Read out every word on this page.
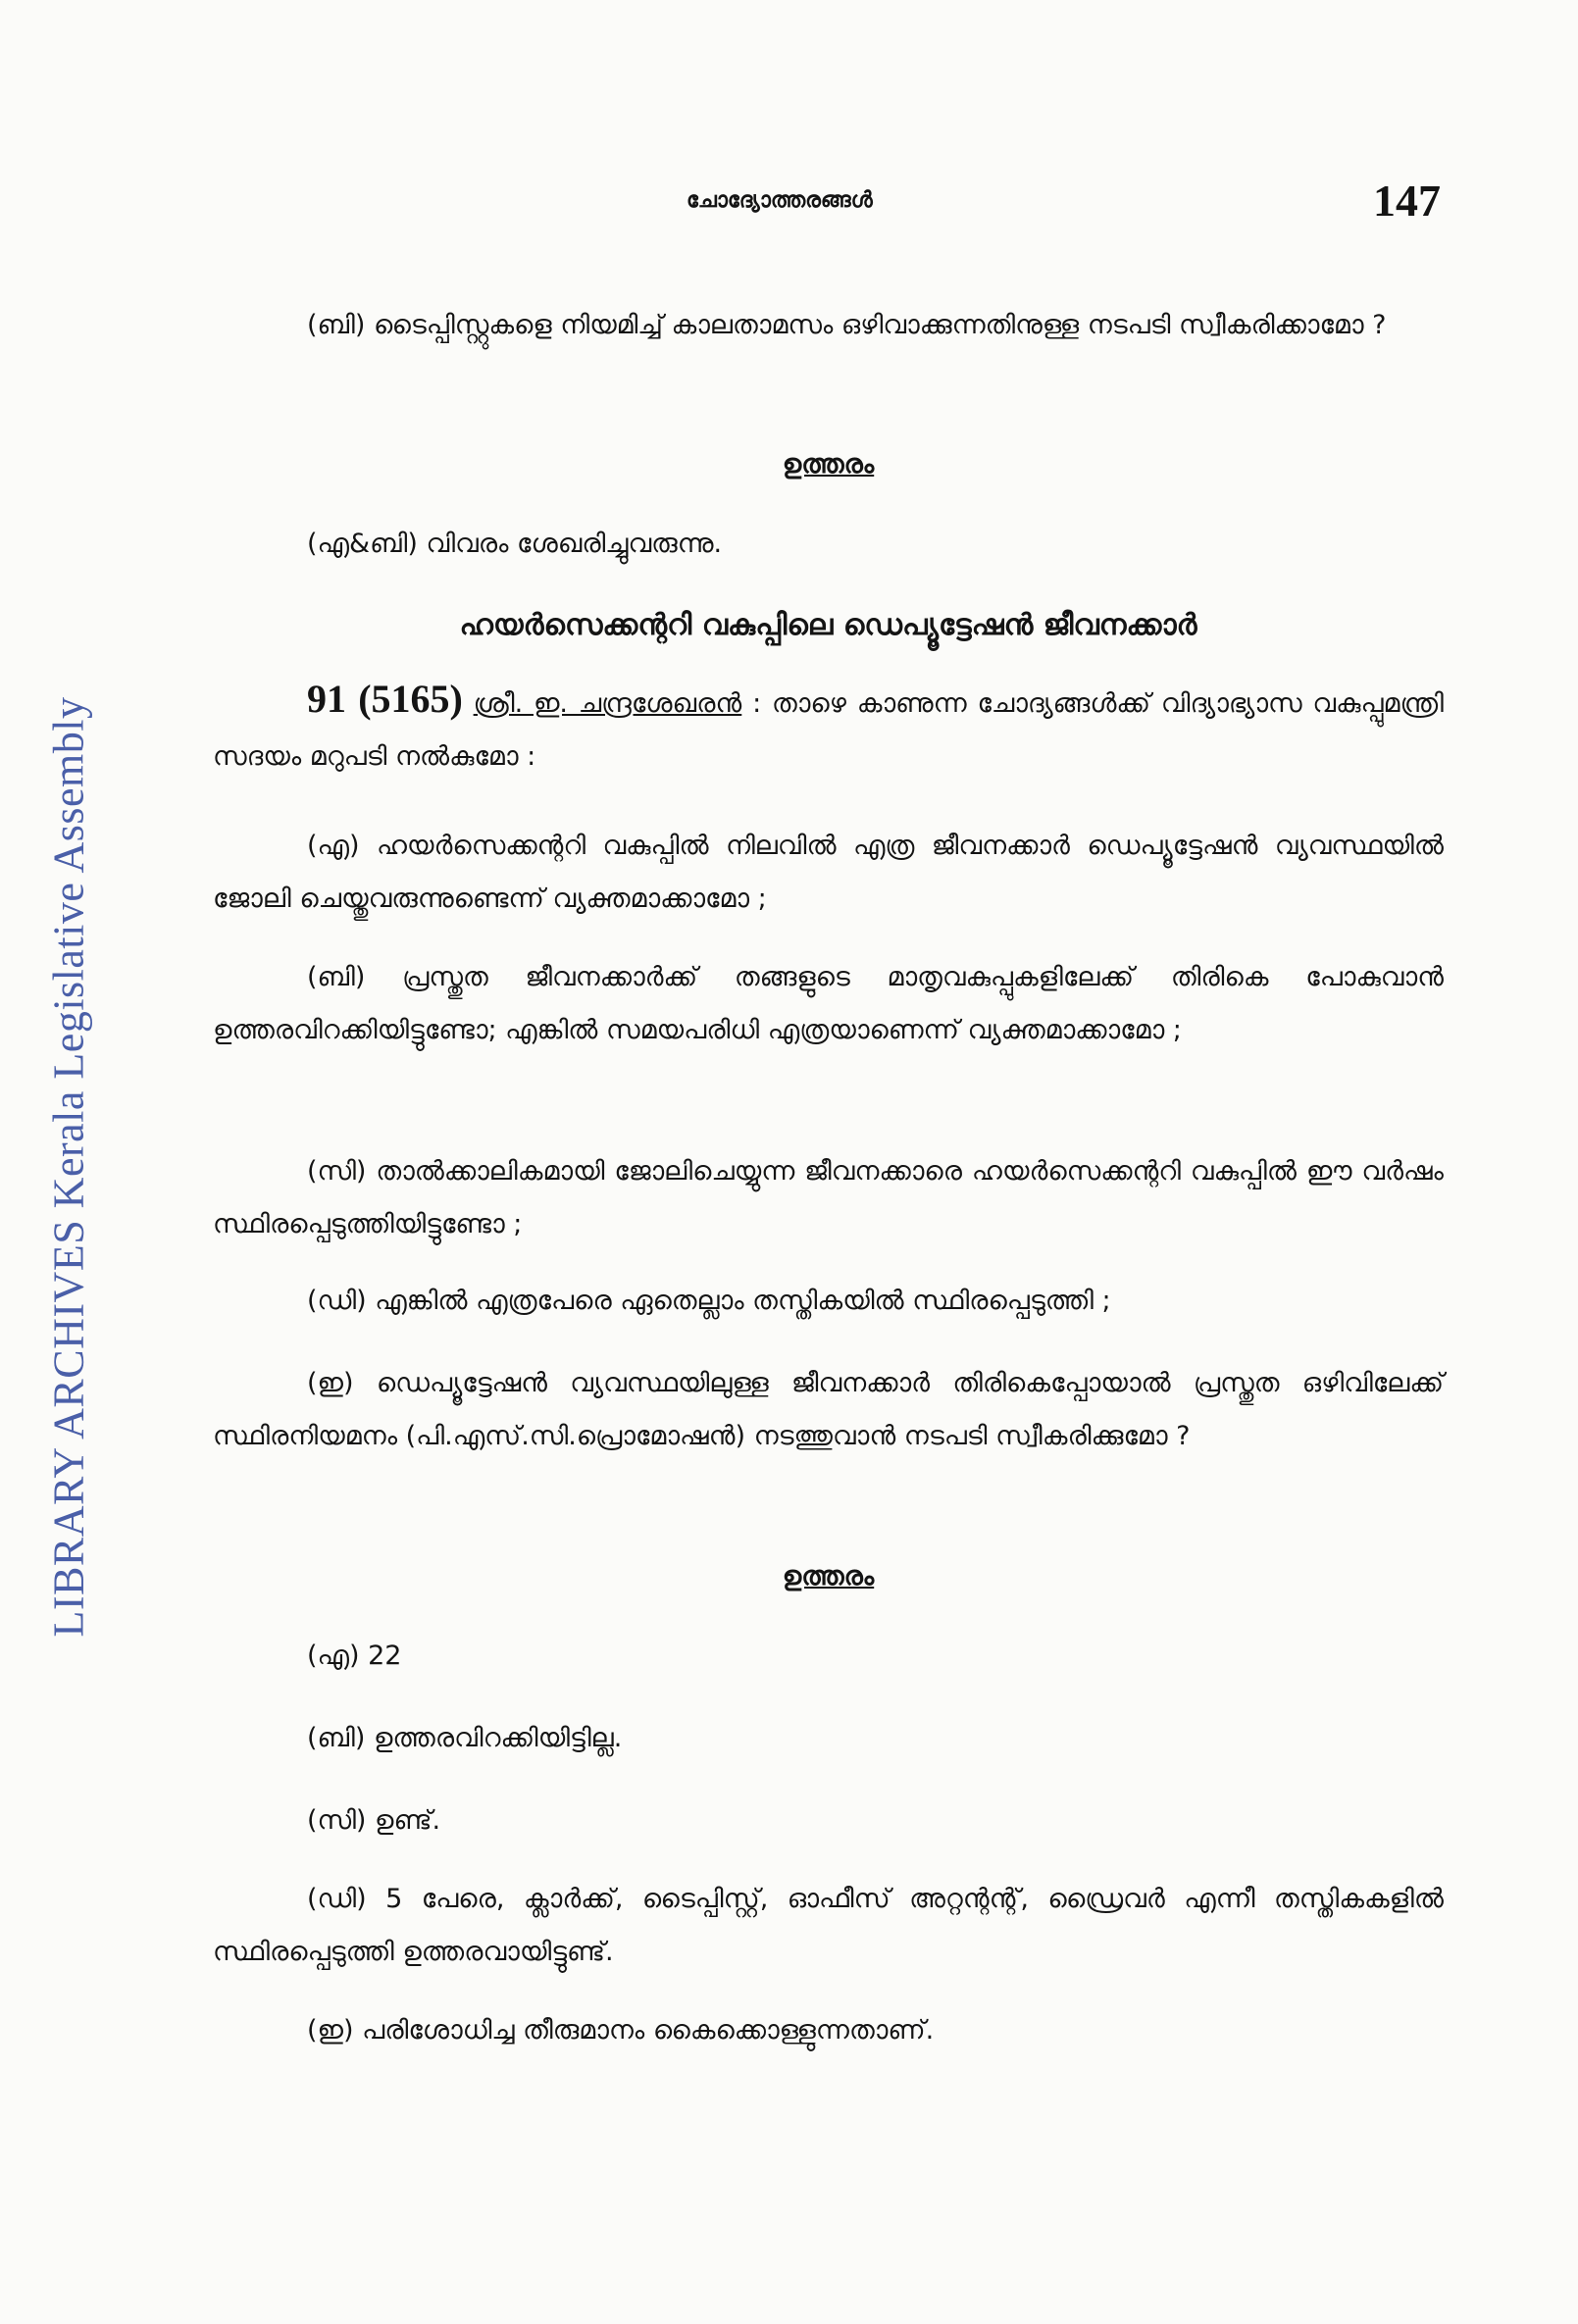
LIBRARY ARCHIVES Kerala Legislative Assembly
ചോദ്യോത്തരങ്ങൾ	147
(ബി) ടൈപ്പിസ്റ്റുകളെ നിയമിച്ച് കാലതാമസം ഒഴിവാക്കുന്നതിനുള്ള നടപടി സ്വീകരിക്കാമോ ?
ഉത്തരം
(എ&ബി) വിവരം ശേഖരിച്ചുവരുന്നു.
ഹയർസെക്കന്ററി വകുപ്പിലെ ഡെപ്യൂട്ടേഷൻ ജീവനക്കാർ
91 (5165) ശ്രീ. ഇ. ചന്ദ്രശേഖരൻ : താഴെ കാണുന്ന ചോദ്യങ്ങൾക്ക് വിദ്യാഭ്യാസ വകുപ്പുമന്ത്രി സദയം മറുപടി നൽകുമോ :
(എ) ഹയർസെക്കന്ററി വകുപ്പിൽ നിലവിൽ എത്ര ജീവനക്കാർ ഡെപ്യൂട്ടേഷൻ വ്യവസ്ഥയിൽ ജോലി ചെയ്തുവരുന്നുണ്ടെന്ന് വ്യക്തമാക്കാമോ ;
(ബി) പ്രസ്തുത ജീവനക്കാർക്ക് തങ്ങളുടെ മാതൃവകുപ്പുകളിലേക്ക് തിരികെ പോകുവാൻ ഉത്തരവിറക്കിയിട്ടുണ്ടോ; എങ്കിൽ സമയപരിധി എത്രയാണെന്ന് വ്യക്തമാക്കാമോ ;
(സി) താൽക്കാലികമായി ജോലിചെയ്യുന്ന ജീവനക്കാരെ ഹയർസെക്കന്ററി വകുപ്പിൽ ഈ വർഷം സ്ഥിരപ്പെടുത്തിയിട്ടുണ്ടോ ;
(ഡി) എങ്കിൽ എത്രപേരെ ഏതെല്ലാം തസ്തികയിൽ സ്ഥിരപ്പെടുത്തി ;
(ഇ) ഡെപ്യൂട്ടേഷൻ വ്യവസ്ഥയിലുള്ള ജീവനക്കാർ തിരികെപ്പോയാൽ പ്രസ്തുത ഒഴിവിലേക്ക് സ്ഥിരനിയമനം (പി.എസ്.സി.പ്രൊമോഷൻ) നടത്തുവാൻ നടപടി സ്വീകരിക്കുമോ ?
ഉത്തരം
(എ) 22
(ബി) ഉത്തരവിറക്കിയിട്ടില്ല.
(സി) ഉണ്ട്.
(ഡി) 5 പേരെ, ക്ലാർക്ക്, ടൈപ്പിസ്റ്റ്, ഓഫീസ് അറ്റന്റന്റ്, ഡ്രൈവർ എന്നീ തസ്തികകളിൽ സ്ഥിരപ്പെടുത്തി ഉത്തരവായിട്ടുണ്ട്.
(ഇ) പരിശോധിച്ച തീരുമാനം കൈക്കൊള്ളുന്നതാണ്.
